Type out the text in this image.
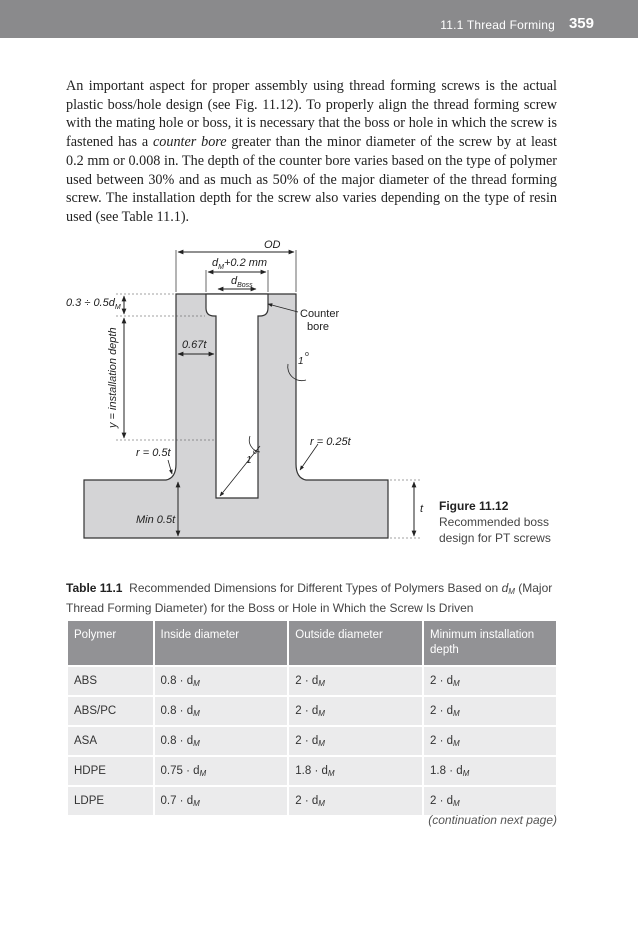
11.1 Thread Forming 359

An important aspect for proper assembly using thread forming screws is the actual plastic boss/hole design (see Fig. 11.12). To properly align the thread forming screw with the mating hole or boss, it is necessary that the boss or hole in which the screw is fastened has a counter bore greater than the minor diameter of the screw by at least 0.2 mm or 0.008 in. The depth of the counter bore varies based on the type of polymer used between 30% and as much as 50% of the major diameter of the thread forming screw. The installation depth for the screw also varies depending on the type of resin used (see Table 11.1).

OD
$d_M+0.2$ mm
$d_{Boss}$
$0.3 \div 0.5d_M$
Counter
bore
0.67t
y = installation depth	1
o
1
o
r = 0.25t
r = 0.5t
t
Min 0.5t
Figure 11.12
Recommended boss design for PT screws

Table 11.1 Recommended Dimensions for Different Types of Polymers Based on $d_M$ (Major Thread Forming Diameter) for the Boss or Hole in Which the Screw Is Driven

Polymer	Inside diameter	Outside diameter	Minimum installation depth
ABS	$0.8 \cdot d_M$	$2 \cdot d_M$	$2 \cdot d_M$
ABS/PC	$0.8 \cdot d_M$	$2 \cdot d_M$	$2 \cdot d_M$
ASA	$0.8 \cdot d_M$	$2 \cdot d_M$	$2 \cdot d_M$
HDPE	$0.75 \cdot d_M$	$1.8 \cdot d_M$	$1.8 \cdot d_M$
LDPE	$0.7 \cdot d_M$	$2 \cdot d_M$	$2 \cdot d_M$
(continuation next page)
